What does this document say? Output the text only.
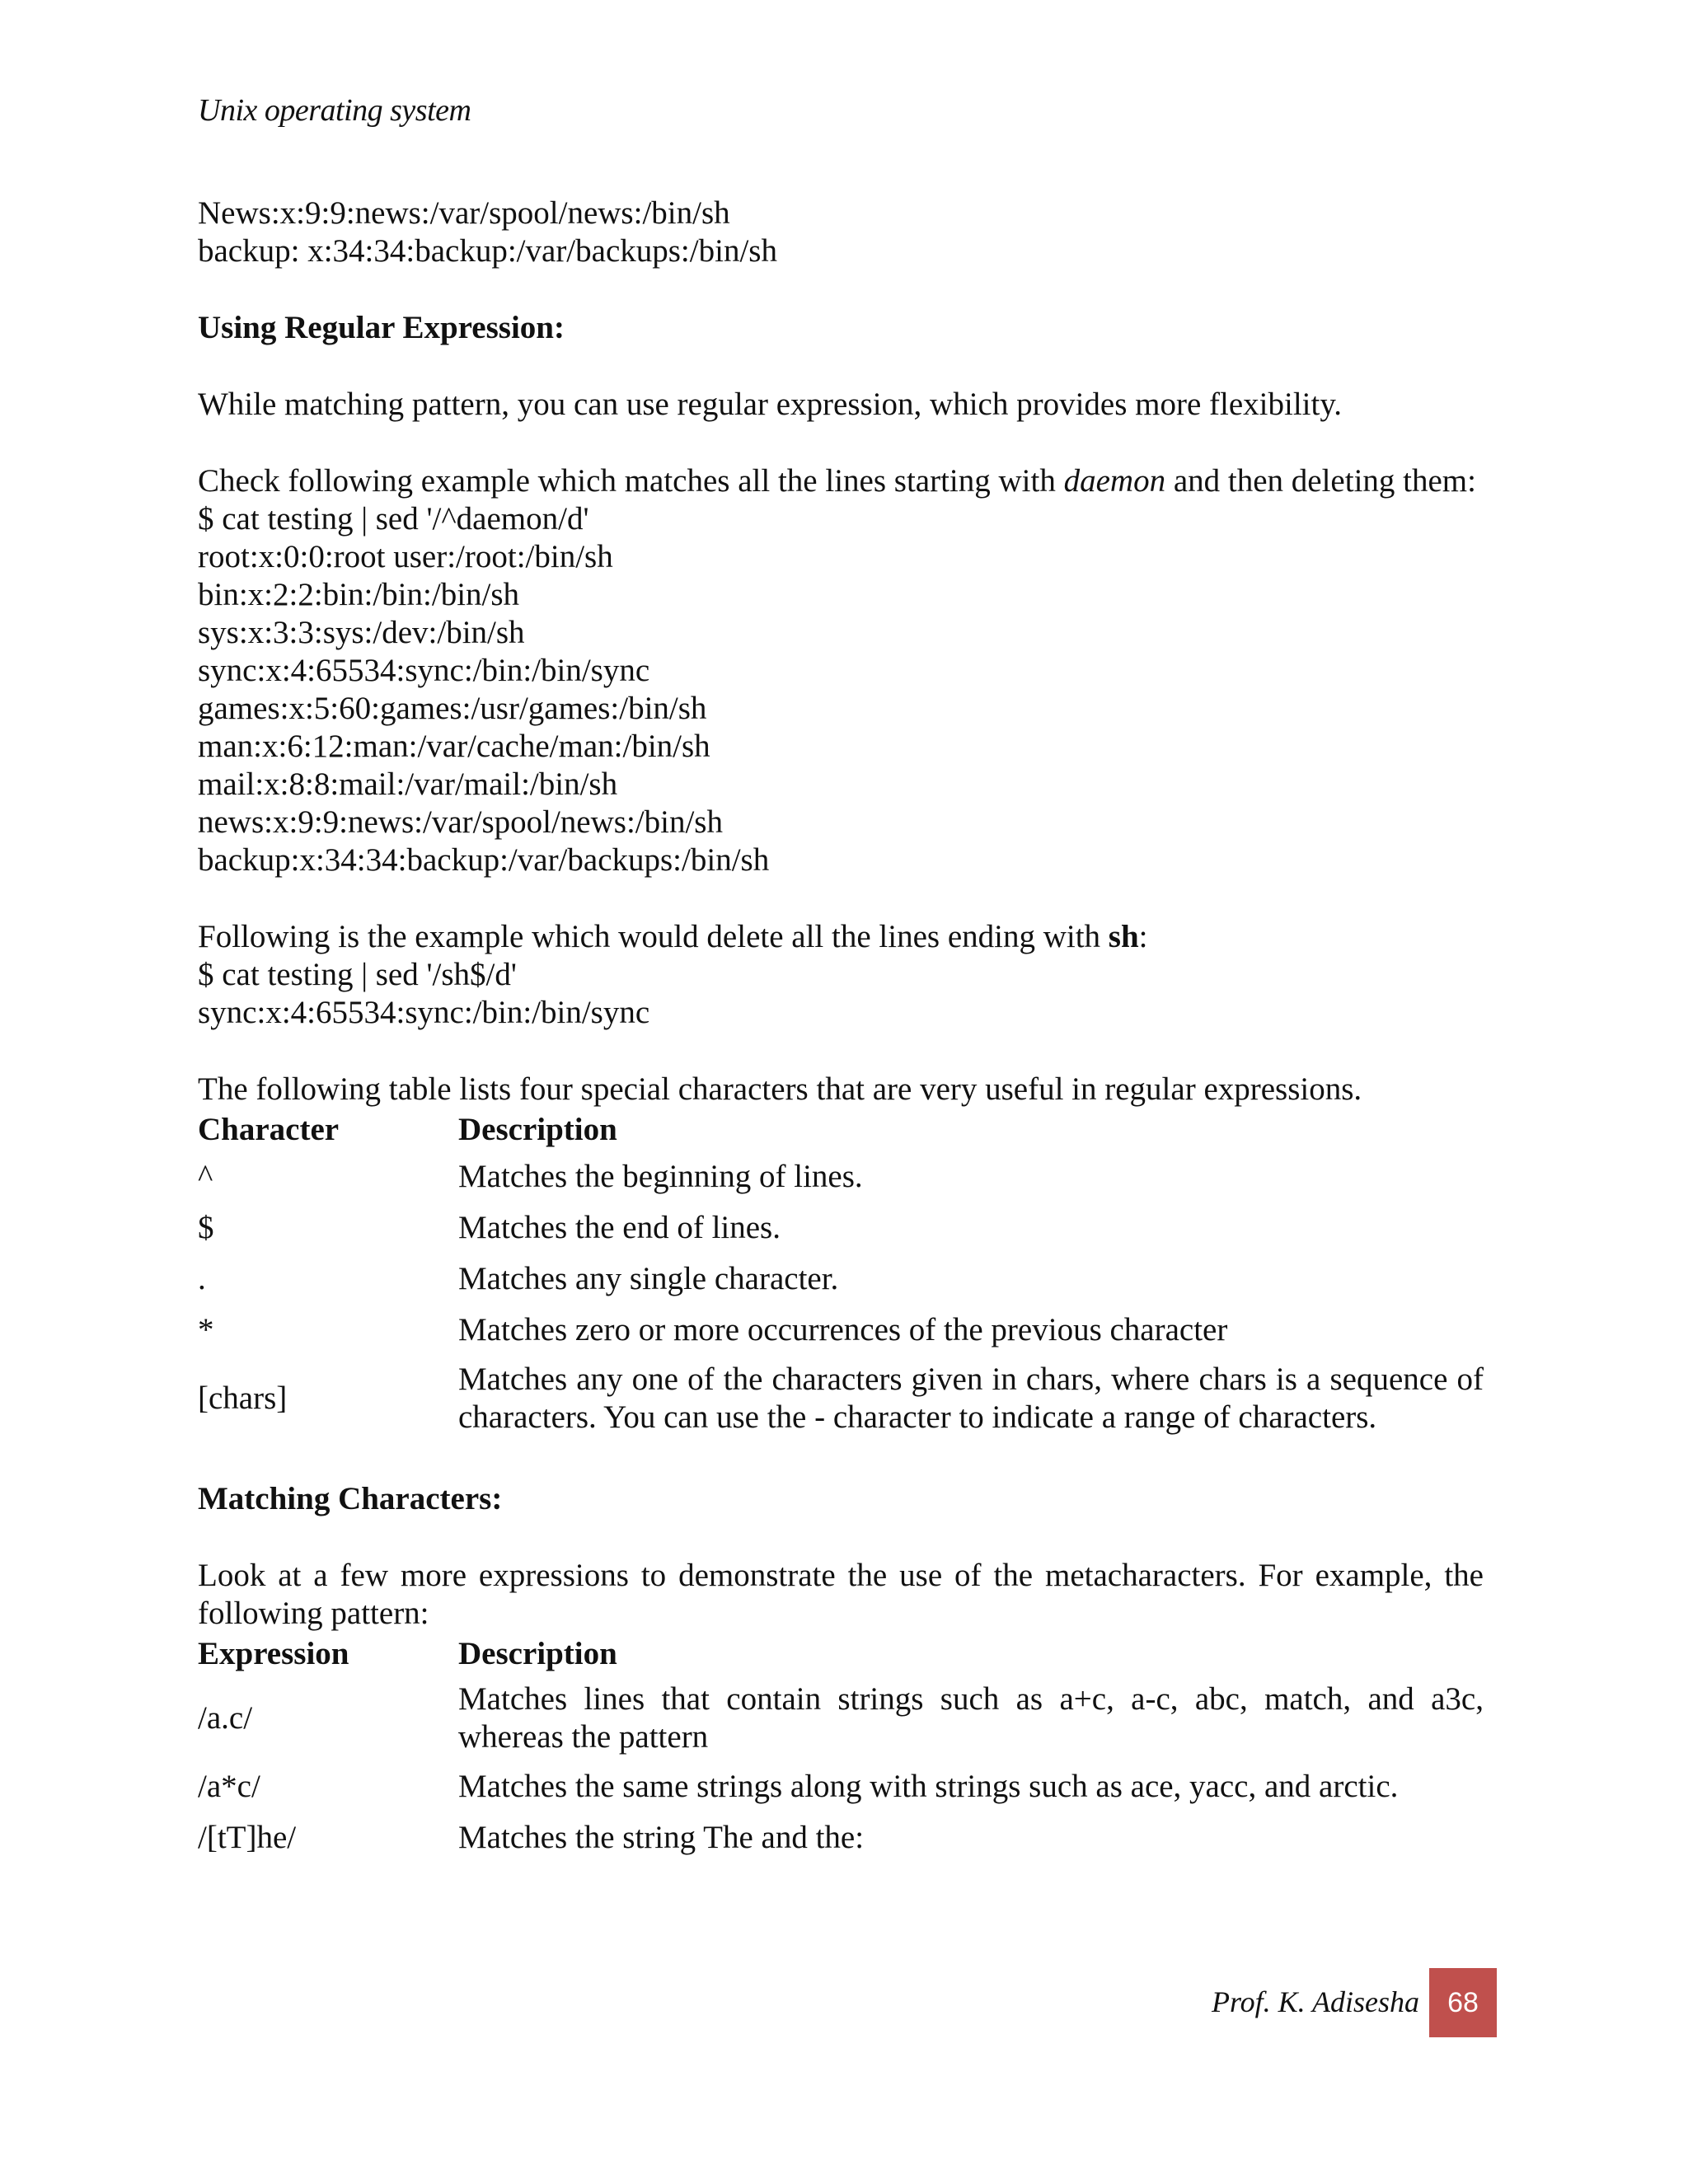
Unix operating system
News:x:9:9:news:/var/spool/news:/bin/sh
backup: x:34:34:backup:/var/backups:/bin/sh
Using Regular Expression:

While matching pattern, you can use regular expression, which provides more flexibility.

Check following example which matches all the lines starting with daemon and then deleting them:

$ cat testing | sed '/^daemon/d'
root:x:0:0:root user:/root:/bin/sh
bin:x:2:2:bin:/bin:/bin/sh
sys:x:3:3:sys:/dev:/bin/sh
sync:x:4:65534:sync:/bin:/bin/sync
games:x:5:60:games:/usr/games:/bin/sh
man:x:6:12:man:/var/cache/man:/bin/sh
mail:x:8:8:mail:/var/mail:/bin/sh
news:x:9:9:news:/var/spool/news:/bin/sh
backup:x:34:34:backup:/var/backups:/bin/sh

Following is the example which would delete all the lines ending with sh:

$ cat testing | sed '/sh$/d'
sync:x:4:65534:sync:/bin:/bin/sync

The following table lists four special characters that are very useful in regular expressions.

Character	Description
^	Matches the beginning of lines.
$	Matches the end of lines.
.	Matches any single character.
*	Matches zero or more occurrences of the previous character
[chars]	Matches any one of the characters given in chars, where chars is a sequence of characters. You can use the - character to indicate a range of characters.
Matching Characters:

Look at a few more expressions to demonstrate the use of the metacharacters. For example, the following pattern:

Expression	Description
/a.c/	Matches lines that contain strings such as a+c, a-c, abc, match, and a3c, whereas the pattern
/a*c/	Matches the same strings along with strings such as ace, yacc, and arctic.
/[tT]he/	Matches the string The and the:
Prof. K. Adisesha	68
